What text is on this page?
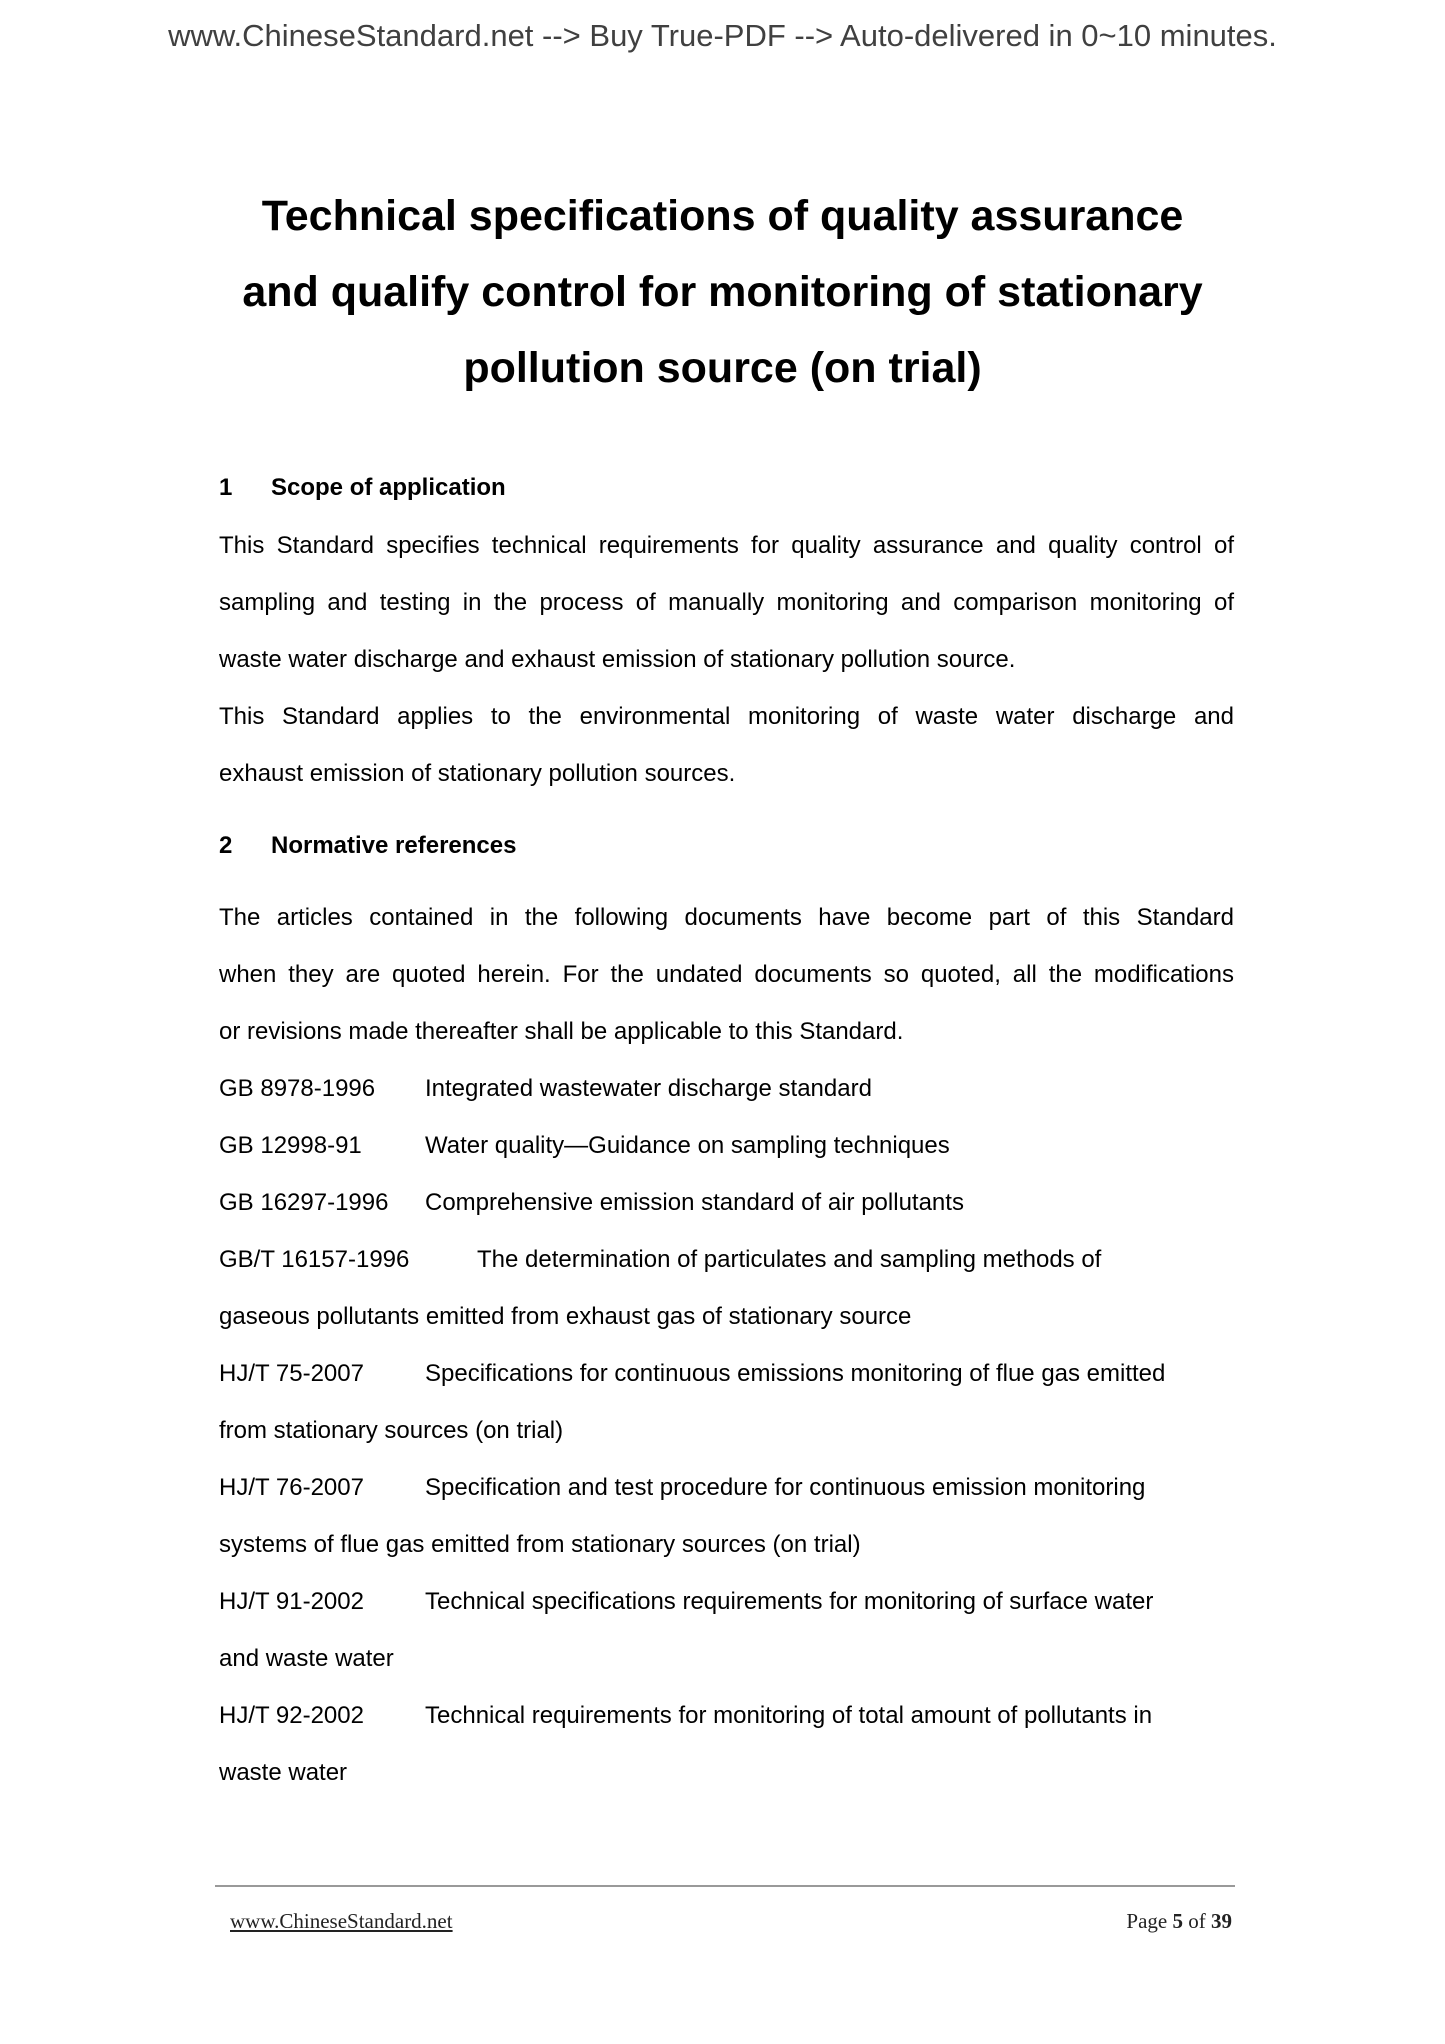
www.ChineseStandard.net --> Buy True-PDF --> Auto-delivered in 0~10 minutes.
Technical specifications of quality assurance
and qualify control for monitoring of stationary
pollution source (on trial)
1 Scope of application
This Standard specifies technical requirements for quality assurance and quality control of
sampling and testing in the process of manually monitoring and comparison monitoring of
waste water discharge and exhaust emission of stationary pollution source.
This Standard applies to the environmental monitoring of waste water discharge and
exhaust emission of stationary pollution sources.
2 Normative references
The articles contained in the following documents have become part of this Standard
when they are quoted herein. For the undated documents so quoted, all the modifications
or revisions made thereafter shall be applicable to this Standard.
GB 8978-1996 Integrated wastewater discharge standard
GB 12998-91	Water quality—Guidance on sampling techniques
GB 16297-1996 Comprehensive emission standard of air pollutants
GB/T 16157-1996	The determination of particulates and sampling methods of
gaseous pollutants emitted from exhaust gas of stationary source
HJ/T 75-2007	Specifications for continuous emissions monitoring of flue gas emitted
from stationary sources (on trial)
HJ/T 76-2007	Specification and test procedure for continuous emission monitoring
systems of flue gas emitted from stationary sources (on trial)
HJ/T 91-2002	Technical specifications requirements for monitoring of surface water
and waste water
HJ/T 92-2002	Technical requirements for monitoring of total amount of pollutants in
waste water
www.ChineseStandard.net	Page 5 of 39
